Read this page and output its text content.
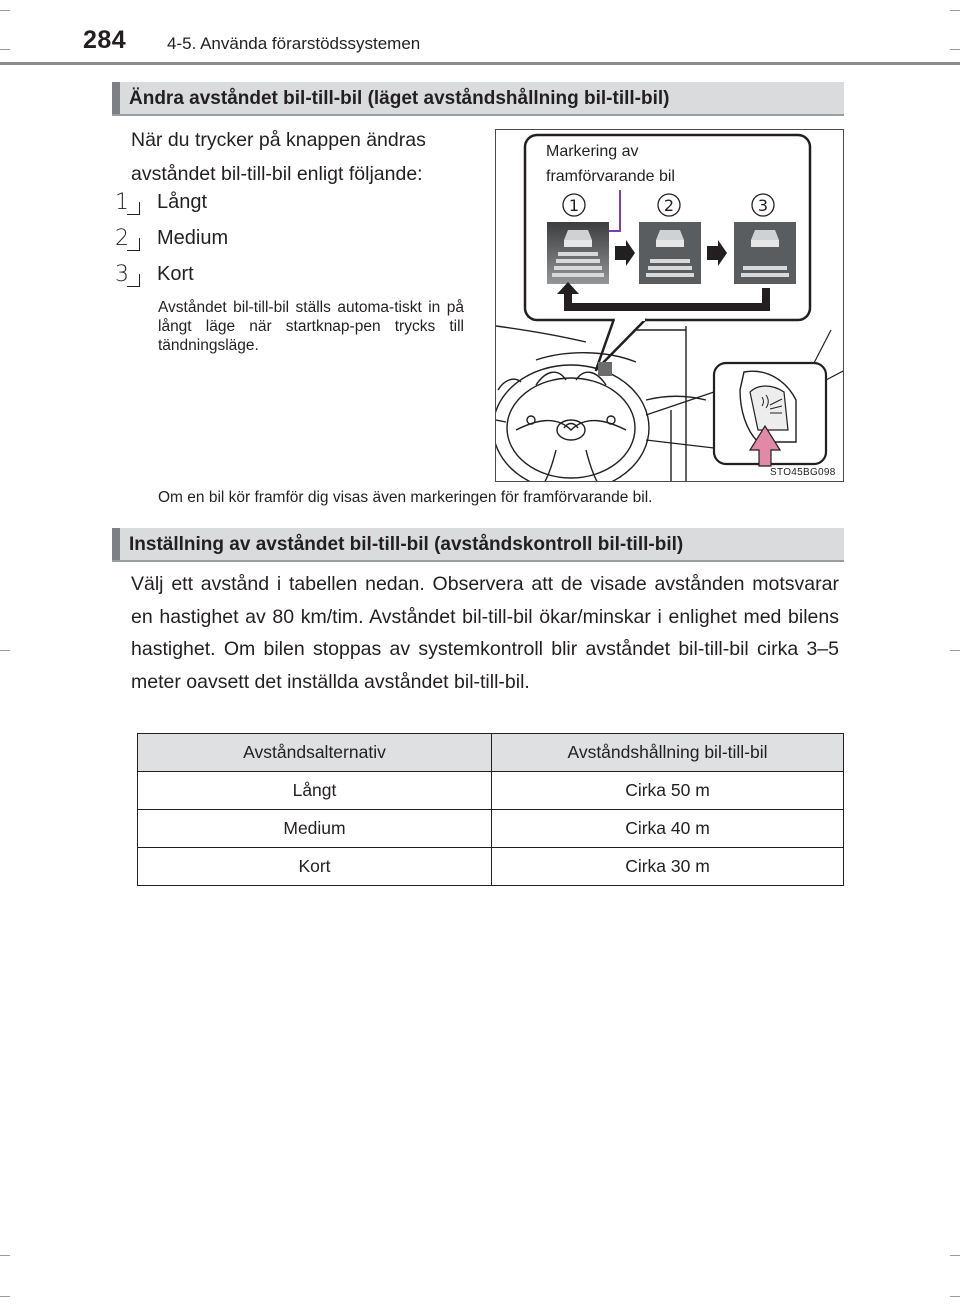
284 4-5. Använda förarstödssystemen
Ändra avståndet bil-till-bil (läget avståndshållning bil-till-bil)
När du trycker på knappen ändras avståndet bil-till-bil enligt följande:
1 Långt
2 Medium
3 Kort
Avståndet bil-till-bil ställs automa-tiskt in på långt läge när startknap-pen trycks till tändningsläge.
1	2	3
Markering av framförvarande bil
STO45BG098
Om en bil kör framför dig visas även markeringen för framförvarande bil.
Inställning av avståndet bil-till-bil (avståndskontroll bil-till-bil)
Välj ett avstånd i tabellen nedan. Observera att de visade avstånden motsvarar en hastighet av 80 km/tim. Avståndet bil-till-bil ökar/minskar i enlighet med bilens hastighet. Om bilen stoppas av systemkontroll blir avståndet bil-till-bil cirka 3–5 meter oavsett det inställda avståndet bil-till-bil.
Avståndsalternativ	Avståndshållning bil-till-bil
Långt	Cirka 50 m
Medium	Cirka 40 m
Kort	Cirka 30 m
